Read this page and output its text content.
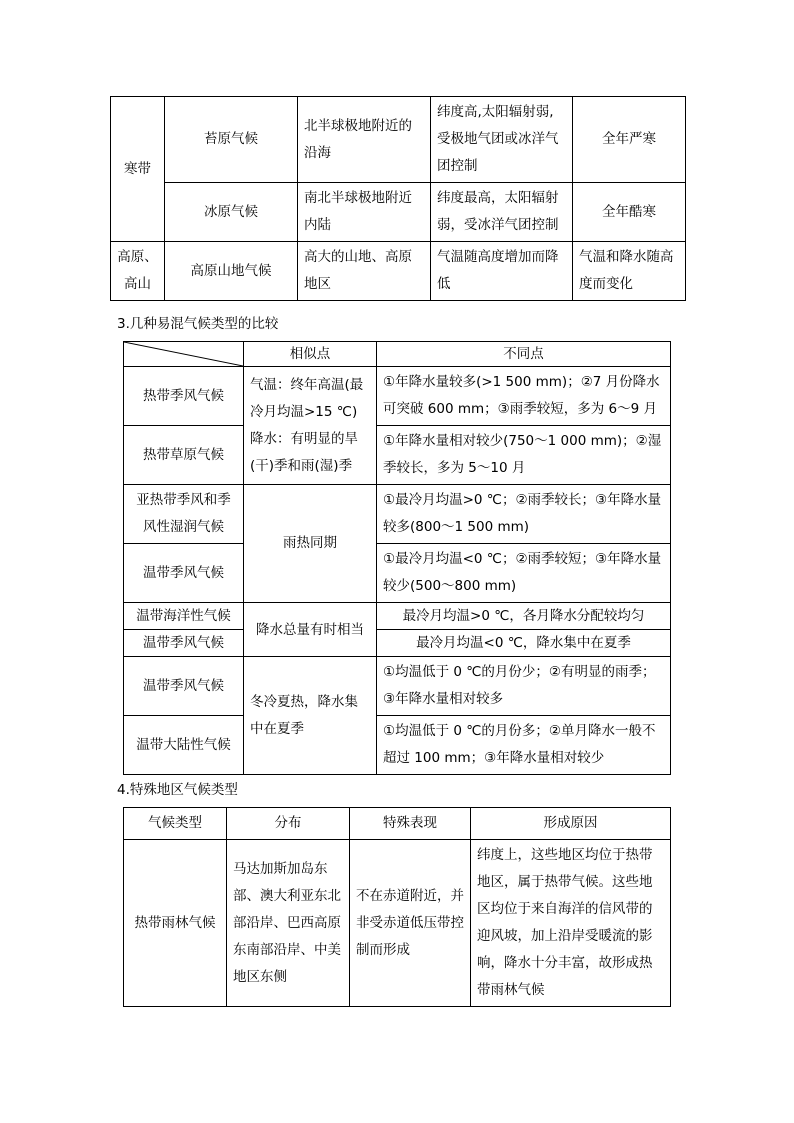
寒带	苔原气候	北半球极地附近的沿海	纬度高,太阳辐射弱,受极地气团或冰洋气团控制	全年严寒
	冰原气候	南北半球极地附近内陆	纬度最高，太阳辐射弱，受冰洋气团控制	全年酷寒
高原、高山	高原山地气候	高大的山地、高原地区	气温随高度增加而降低	气温和降水随高度而变化
3.几种易混气候类型的比较
	相似点	不同点
热带季风气候	气温：终年高温(最冷月均温>15 ℃)降水：有明显的旱(干)季和雨(湿)季	①年降水量较多(>1 500 mm)；②7 月份降水可突破 600 mm；③雨季较短，多为 6～9 月
热带草原气候		①年降水量相对较少(750～1 000 mm)；②湿季较长，多为 5～10 月
亚热带季风和季风性湿润气候	雨热同期	①最冷月均温>0 ℃；②雨季较长；③年降水量较多(800～1 500 mm)
温带季风气候		①最冷月均温<0 ℃；②雨季较短；③年降水量较少(500～800 mm)
温带海洋性气候	降水总量有时相当	最冷月均温>0 ℃，各月降水分配较均匀
温带季风气候		最冷月均温<0 ℃，降水集中在夏季
温带季风气候	冬冷夏热，降水集中在夏季	①均温低于 0 ℃的月份少；②有明显的雨季；③年降水量相对较多
温带大陆性气候		①均温低于 0 ℃的月份多；②单月降水一般不超过 100 mm；③年降水量相对较少
4.特殊地区气候类型
气候类型	分布	特殊表现	形成原因
热带雨林气候	马达加斯加岛东部、澳大利亚东北部沿岸、巴西高原东南部沿岸、中美地区东侧	不在赤道附近，并非受赤道低压带控制而形成	纬度上，这些地区均位于热带地区，属于热带气候。这些地区均位于来自海洋的信风带的迎风坡，加上沿岸受暖流的影响，降水十分丰富，故形成热带雨林气候
